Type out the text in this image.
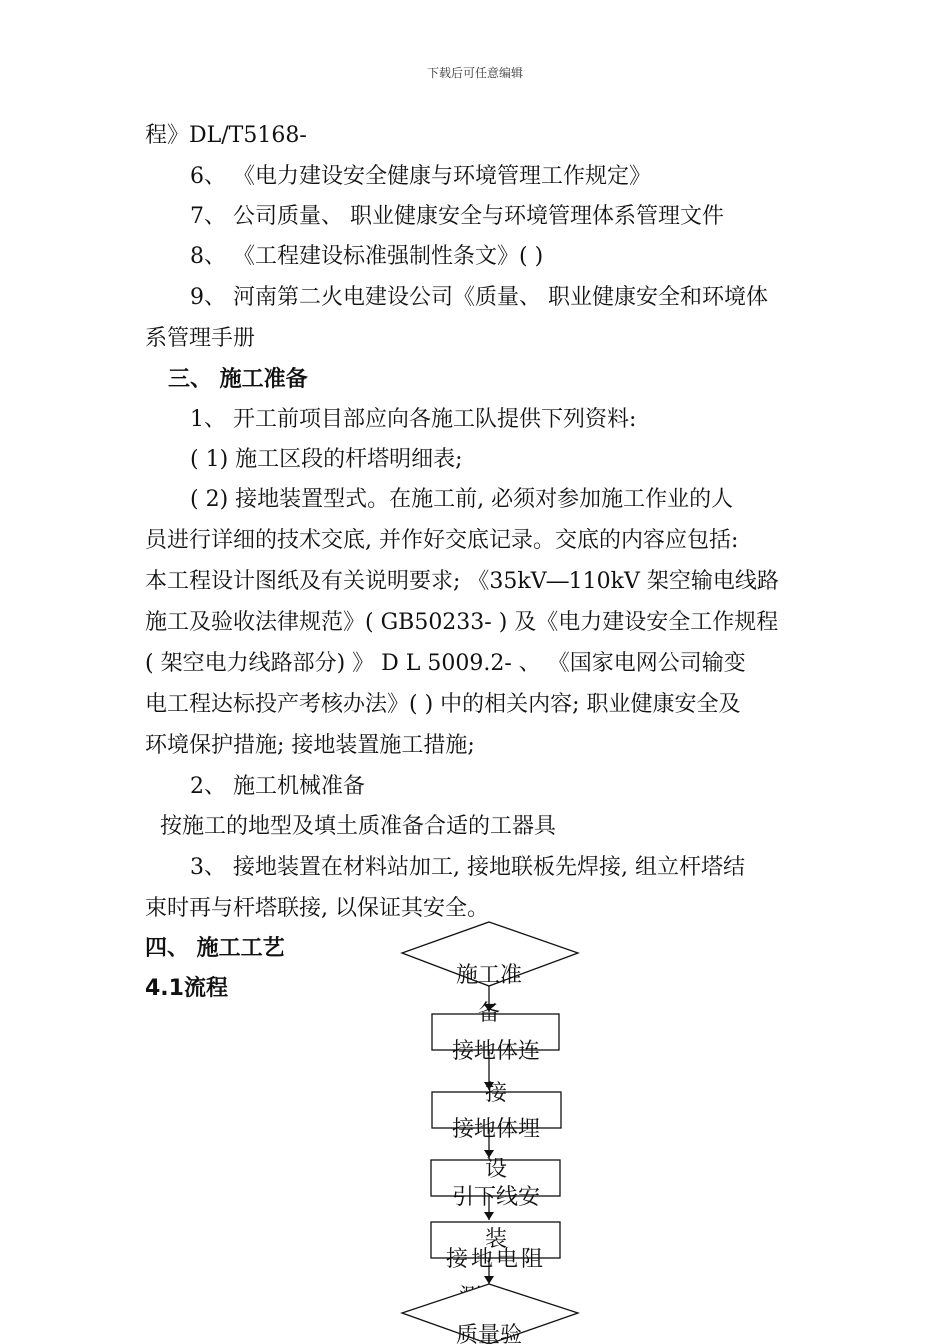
下载后可任意编辑
程》DL/T5168-
6、 《电力建设安全健康与环境管理工作规定》
7、 公司质量、 职业健康安全与环境管理体系管理文件
8、 《工程建设标准强制性条文》( )
9、 河南第二火电建设公司《质量、 职业健康安全和环境体
系管理手册
三、 施工准备
1、 开工前项目部应向各施工队提供下列资料:
( 1) 施工区段的杆塔明细表;
( 2) 接地装置型式。在施工前, 必须对参加施工作业的人
员进行详细的技术交底, 并作好交底记录。交底的内容应包括:
本工程设计图纸及有关说明要求; 《35kV―110kV 架空输电线路
施工及验收法律规范》( GB50233- ) 及《电力建设安全工作规程
( 架空电力线路部分) 》 D L 5009.2- 、 《国家电网公司输变
电工程达标投产考核办法》( ) 中的相关内容; 职业健康安全及
环境保护措施; 接地装置施工措施;
2、 施工机械准备
按施工的地型及填土质准备合适的工器具
3、 接地装置在材料站加工, 接地联板先焊接, 组立杆塔结
束时再与杆塔联接, 以保证其安全。
四、 施工工艺
4.1流程
施工准
备
接地体连
接
接地体埋
设
引下线安
装
接地电阻
质量验
